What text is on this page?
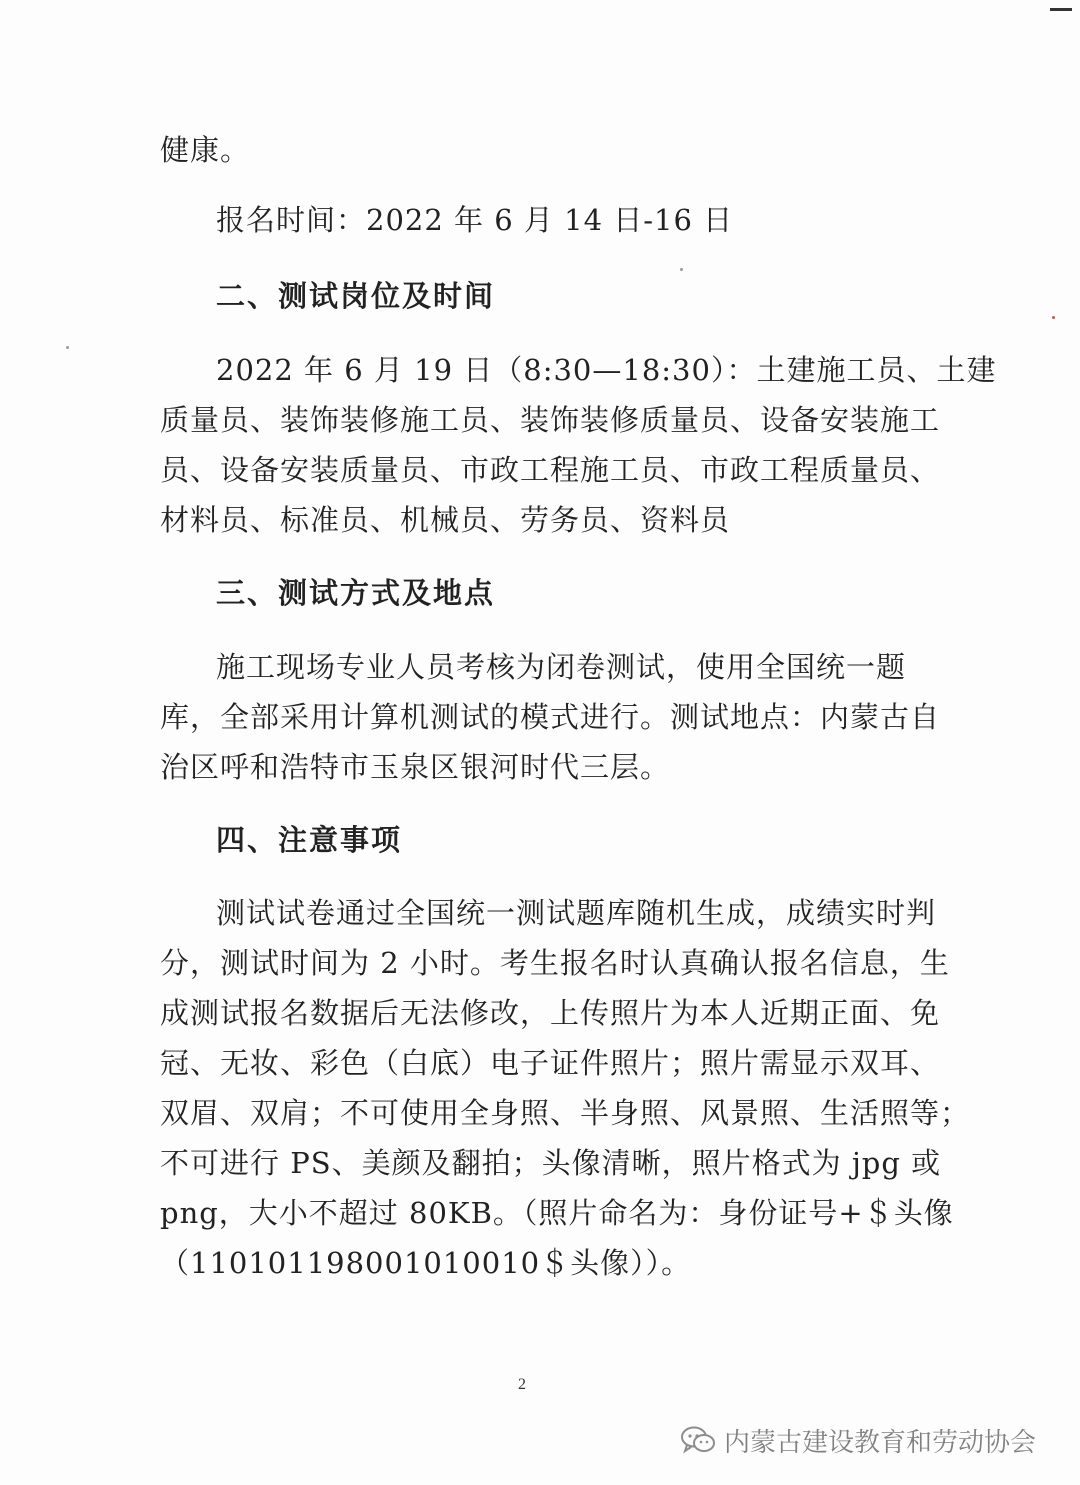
健康。
报名时间：2022 年 6 月 14 日-16 日
二、测试岗位及时间
2022 年 6 月 19 日（8:30—18:30）：土建施工员、土建
质量员、装饰装修施工员、装饰装修质量员、设备安装施工
员、设备安装质量员、市政工程施工员、市政工程质量员、
材料员、标准员、机械员、劳务员、资料员
三、测试方式及地点
施工现场专业人员考核为闭卷测试，使用全国统一题
库，全部采用计算机测试的模式进行。测试地点：内蒙古自
治区呼和浩特市玉泉区银河时代三层。
四、注意事项
测试试卷通过全国统一测试题库随机生成，成绩实时判
分，测试时间为 2 小时。考生报名时认真确认报名信息，生
成测试报名数据后无法修改，上传照片为本人近期正面、免
冠、无妆、彩色（白底）电子证件照片；照片需显示双耳、
双眉、双肩；不可使用全身照、半身照、风景照、生活照等；
不可进行 PS、美颜及翻拍；头像清晰，照片格式为 jpg 或
png，大小不超过 80KB。（照片命名为：身份证号+＄头像
（110101198001010010＄头像））。
2
内蒙古建设教育和劳动协会
